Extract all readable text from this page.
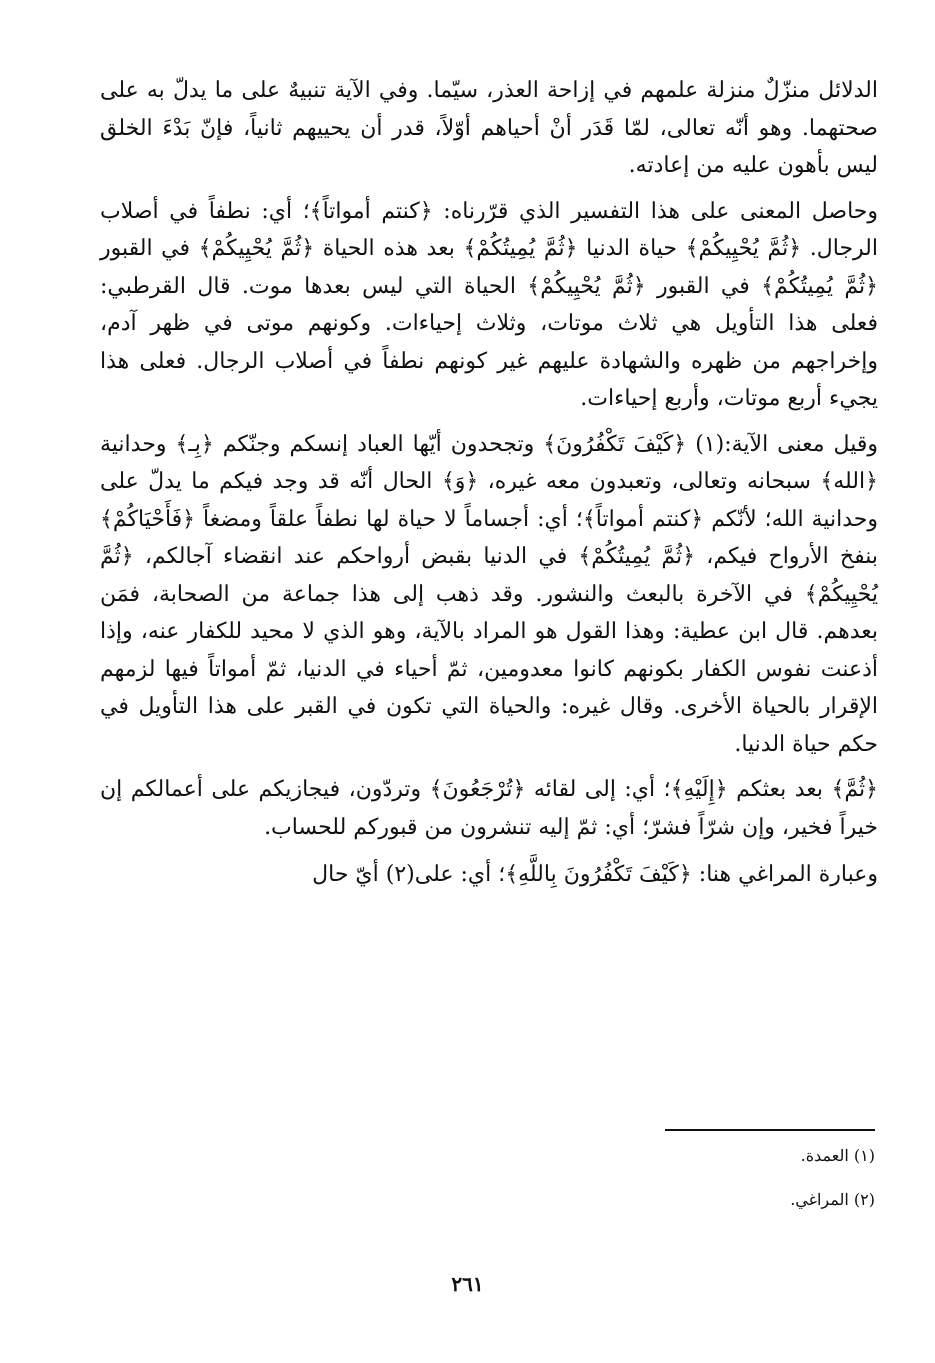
الدلائل منزّلٌ منزلة علمهم في إزاحة العذر، سيّما. وفي الآية تنبيهٌ على ما يدلّ به على صحتهما. وهو أنّه تعالى، لمّا قَدَر أنْ أحياهم أوّلاً، قدر أن يحييهم ثانياً، فإنّ بَدْءَ الخلق ليس بأهون عليه من إعادته.

وحاصل المعنى على هذا التفسير الذي قرّرناه: ﴿كنتم أمواتاً﴾؛ أي: نطفاً في أصلاب الرجال. ﴿ثُمَّ يُحْيِيكُمْ﴾ حياة الدنيا ﴿ثُمَّ يُمِيتُكُمْ﴾ بعد هذه الحياة ﴿ثُمَّ يُحْيِيكُمْ﴾ في القبور ﴿ثُمَّ يُمِيتُكُمْ﴾ في القبور ﴿ثُمَّ يُحْيِيكُمْ﴾ الحياة التي ليس بعدها موت. قال القرطبي: فعلى هذا التأويل هي ثلاث موتات، وثلاث إحياءات. وكونهم موتى في ظهر آدم، وإخراجهم من ظهره والشهادة عليهم غير كونهم نطفاً في أصلاب الرجال. فعلى هذا يجيء أربع موتات، وأربع إحياءات.

وقيل معنى الآية:(١) ﴿كَيْفَ تَكْفُرُونَ﴾ وتجحدون أيّها العباد إنسكم وجنّكم ﴿بِـ﴾ وحدانية ﴿الله﴾ سبحانه وتعالى، وتعبدون معه غيره، ﴿وَ﴾ الحال أنّه قد وجد فيكم ما يدلّ على وحدانية الله؛ لأنّكم ﴿كنتم أمواتاً﴾؛ أي: أجساماً لا حياة لها نطفاً علقاً ومضغاً ﴿فَأَحْيَاكُمْ﴾ بنفخ الأرواح فيكم، ﴿ثُمَّ يُمِيتُكُمْ﴾ في الدنيا بقبض أرواحكم عند انقضاء آجالكم، ﴿ثُمَّ يُحْيِيكُمْ﴾ في الآخرة بالبعث والنشور. وقد ذهب إلى هذا جماعة من الصحابة، فمَن بعدهم. قال ابن عطية: وهذا القول هو المراد بالآية، وهو الذي لا محيد للكفار عنه، وإذا أذعنت نفوس الكفار بكونهم كانوا معدومين، ثمّ أحياء في الدنيا، ثمّ أمواتاً فيها لزمهم الإقرار بالحياة الأخرى. وقال غيره: والحياة التي تكون في القبر على هذا التأويل في حكم حياة الدنيا.

﴿ثُمَّ﴾ بعد بعثكم ﴿إِلَيْهِ﴾؛ أي: إلى لقائه ﴿تُرْجَعُونَ﴾ وتردّون، فيجازيكم على أعمالكم إن خيراً فخير، وإن شرّاً فشرّ؛ أي: ثمّ إليه تنشرون من قبوركم للحساب.

وعبارة المراغي هنا: ﴿كَيْفَ تَكْفُرُونَ بِاللَّهِ﴾؛ أي: على(٢) أيّ حال

(١) العمدة.

(٢) المراغي.

٢٦١
